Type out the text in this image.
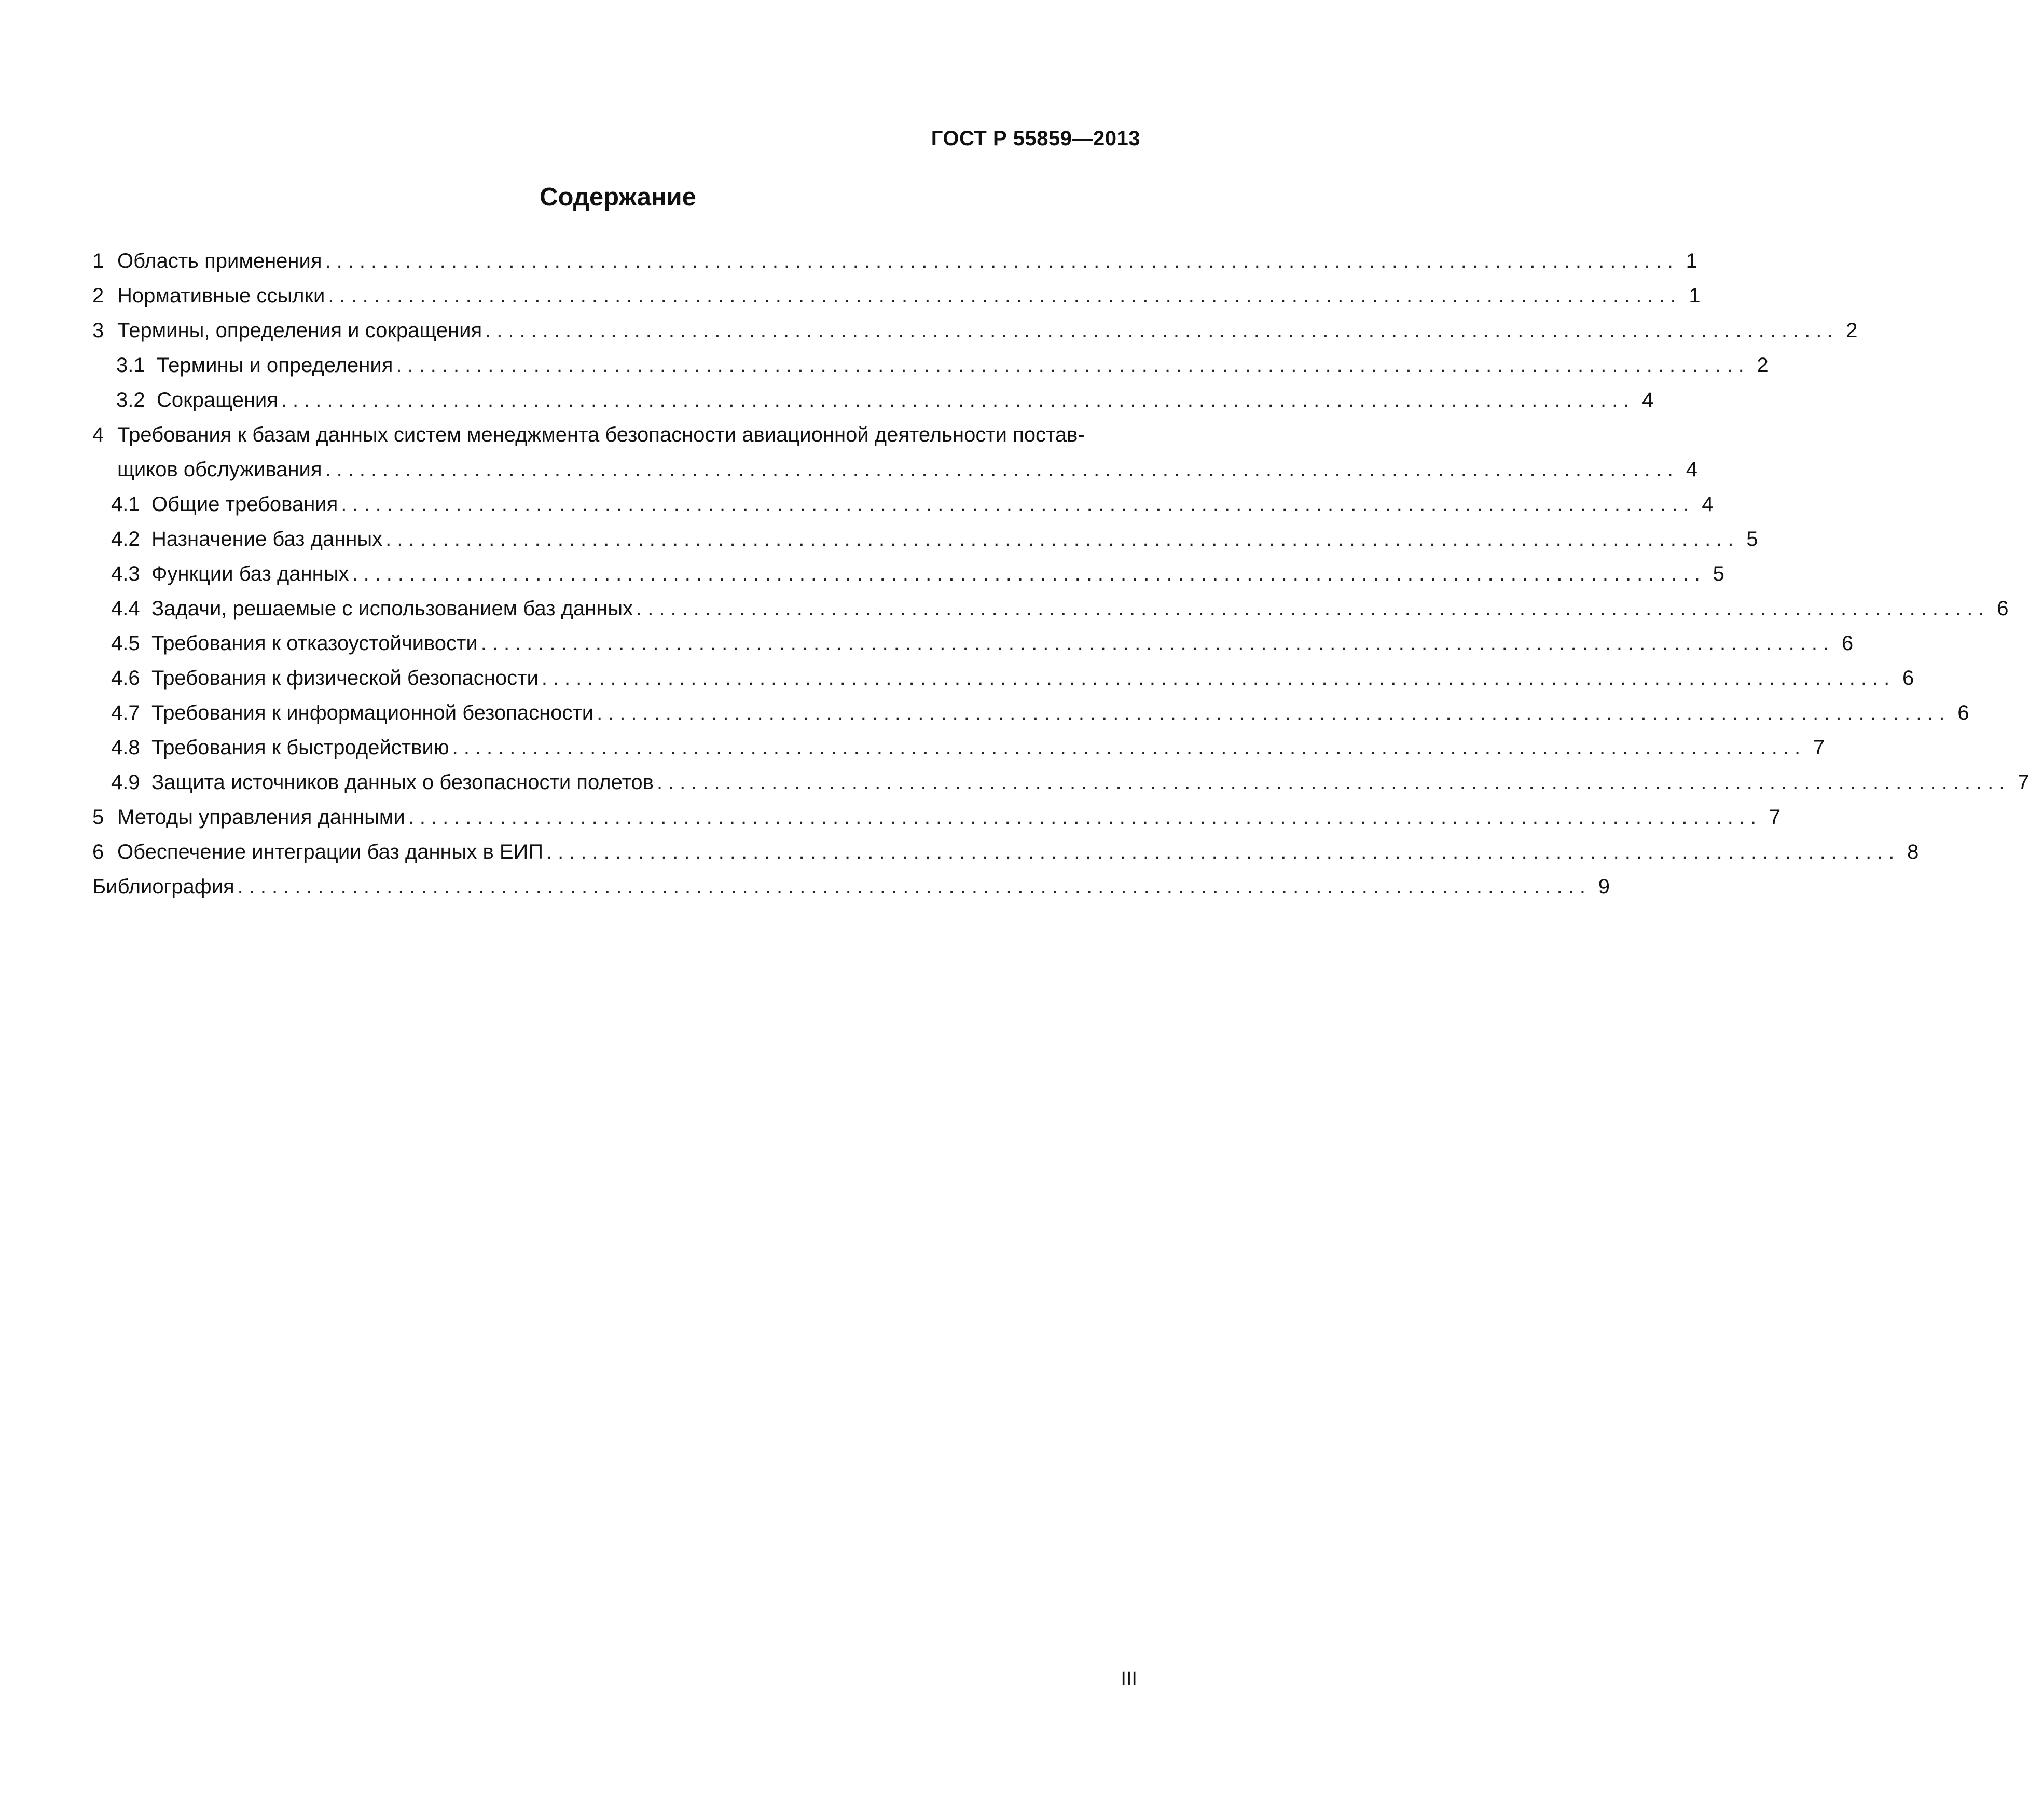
ГОСТ Р 55859—2013
Содержание
1 Область применения ...................................................................................................................... 1
2 Нормативные ссылки ...................................................................................................................... 1
3 Термины, определения и сокращения ...................................................................................................................... 2
3.1 Термины и определения ...................................................................................................................... 2
3.2 Сокращения ...................................................................................................................... 4
4 Требования к базам данных систем менеджмента безопасности авиационной деятельности постав-
щиков обслуживания ...................................................................................................................... 4
4.1 Общие требования ...................................................................................................................... 4
4.2 Назначение баз данных ...................................................................................................................... 5
4.3 Функции баз данных ...................................................................................................................... 5
4.4 Задачи, решаемые с использованием баз данных ...................................................................................................................... 6
4.5 Требования к отказоустойчивости ...................................................................................................................... 6
4.6 Требования к физической безопасности ...................................................................................................................... 6
4.7 Требования к информационной безопасности ...................................................................................................................... 6
4.8 Требования к быстродействию ...................................................................................................................... 7
4.9 Защита источников данных о безопасности полетов ...................................................................................................................... 7
5 Методы управления данными ...................................................................................................................... 7
6 Обеспечение интеграции баз данных в ЕИП ...................................................................................................................... 8
Библиография ...................................................................................................................... 9
III
